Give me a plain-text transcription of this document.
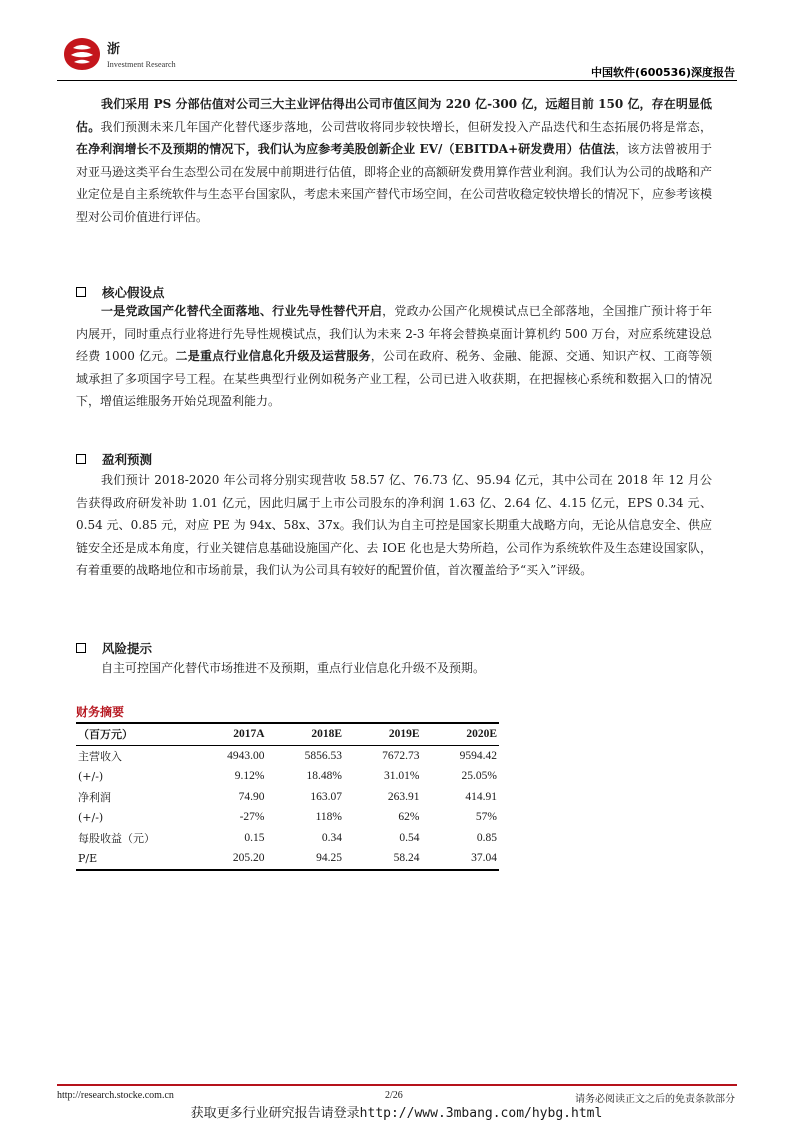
浙
Investment Research
中国软件(600536)深度报告
我们采用 PS 分部估值对公司三大主业评估得出公司市值区间为 220 亿-300 亿，远超目前 150 亿，存在明显低估。我们预测未来几年国产化替代逐步落地，公司营收将同步较快增长，但研发投入产品迭代和生态拓展仍将是常态，在净利润增长不及预期的情况下，我们认为应参考美股创新企业 EV/（EBITDA+研发费用）估值法，该方法曾被用于对亚马逊这类平台生态型公司在发展中前期进行估值，即将企业的高额研发费用算作营业利润。我们认为公司的战略和产业定位是自主系统软件与生态平台国家队，考虑未来国产替代市场空间，在公司营收稳定较快增长的情况下，应参考该模型对公司价值进行评估。
核心假设点
一是党政国产化替代全面落地、行业先导性替代开启，党政办公国产化规模试点已全部落地，全国推广预计将于年内展开，同时重点行业将进行先导性规模试点，我们认为未来 2-3 年将会替换桌面计算机约 500 万台，对应系统建设总经费 1000 亿元。二是重点行业信息化升级及运营服务，公司在政府、税务、金融、能源、交通、知识产权、工商等领域承担了多项国字号工程。在某些典型行业例如税务产业工程，公司已进入收获期，在把握核心系统和数据入口的情况下，增值运维服务开始兑现盈利能力。
盈利预测
我们预计 2018-2020 年公司将分别实现营收 58.57 亿、76.73 亿、95.94 亿元，其中公司在 2018 年 12 月公告获得政府研发补助 1.01 亿元，因此归属于上市公司股东的净利润 1.63 亿、2.64 亿、4.15 亿元，EPS 0.34 元、0.54 元、0.85 元，对应 PE 为 94x、58x、37x。我们认为自主可控是国家长期重大战略方向，无论从信息安全、供应链安全还是成本角度，行业关键信息基础设施国产化、去 IOE 化也是大势所趋，公司作为系统软件及生态建设国家队，有着重要的战略地位和市场前景，我们认为公司具有较好的配置价值，首次覆盖给予“买入”评级。
风险提示
自主可控国产化替代市场推进不及预期，重点行业信息化升级不及预期。
财务摘要
（百万元）	2017A	2018E	2019E	2020E
主营收入	4943.00	5856.53	7672.73	9594.42
(+/-)	9.12%	18.48%	31.01%	25.05%
净利润	74.90	163.07	263.91	414.91
(+/-)	-27%	118%	62%	57%
每股收益（元）	0.15	0.34	0.54	0.85
P/E	205.20	94.25	58.24	37.04
http://research.stocke.com.cn	2/26	请务必阅读正文之后的免责条款部分
获取更多行业研究报告请登录http://www.3mbang.com/hybg.html
